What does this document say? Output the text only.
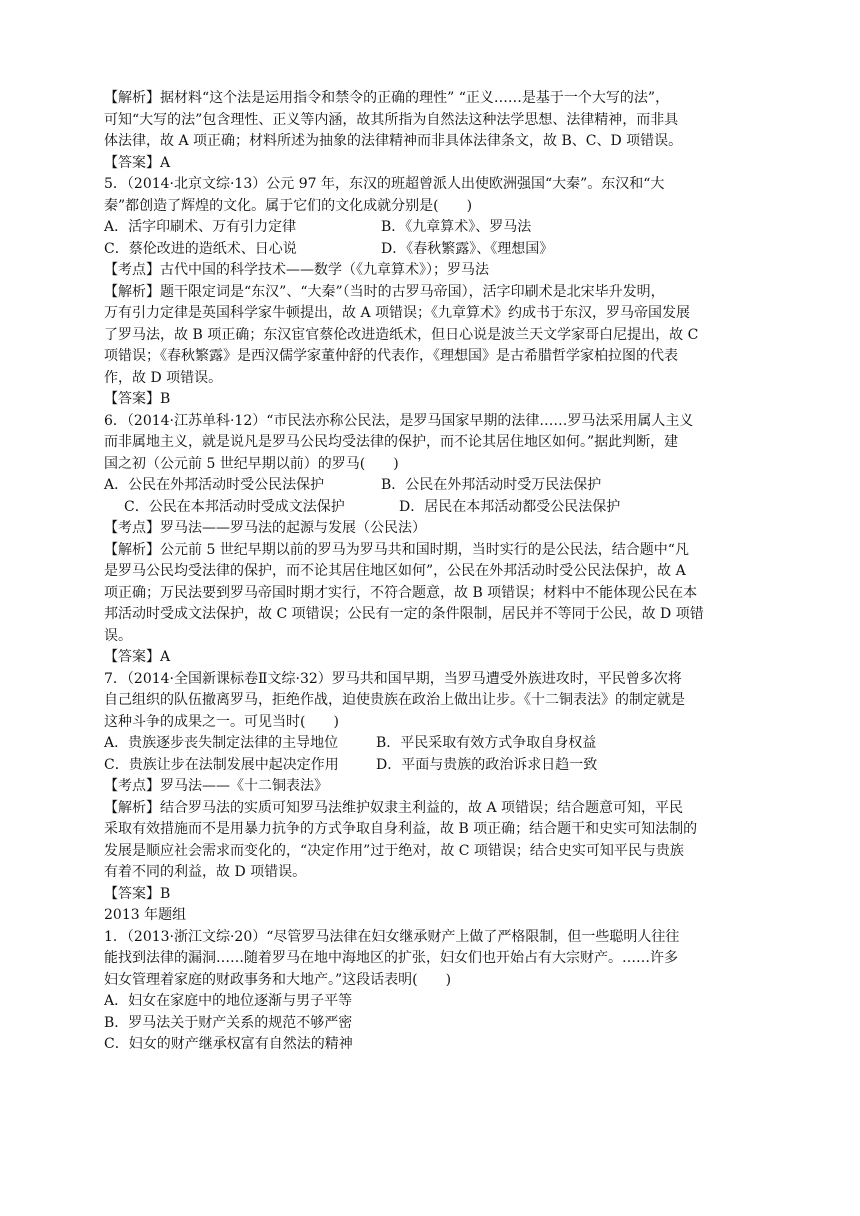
【解析】据材料“这个法是运用指令和禁令的正确的理性” “正义……是基于一个大写的法”，
可知“大写的法”包含理性、正义等内涵，故其所指为自然法这种法学思想、法律精神，而非具
体法律，故 A 项正确；材料所述为抽象的法律精神而非具体法律条文，故 B、C、D 项错误。
【答案】A
5．（2014·北京文综·13）公元 97 年，东汉的班超曾派人出使欧洲强国“大秦”。东汉和“大
秦”都创造了辉煌的文化。属于它们的文化成就分别是(　　)
A．活字印刷术、万有引力定律	B．《九章算术》、罗马法
C．蔡伦改进的造纸术、日心说	D．《春秋繁露》、《理想国》
【考点】古代中国的科学技术——数学（《九章算术》）；罗马法
【解析】题干限定词是“东汉”、“大秦”（当时的古罗马帝国），活字印刷术是北宋毕升发明，
万有引力定律是英国科学家牛顿提出，故 A 项错误；《九章算术》约成书于东汉，罗马帝国发展
了罗马法，故 B 项正确；东汉宦官蔡伦改进造纸术，但日心说是波兰天文学家哥白尼提出，故 C
项错误；《春秋繁露》是西汉儒学家董仲舒的代表作，《理想国》是古希腊哲学家柏拉图的代表
作，故 D 项错误。
【答案】B
6．（2014·江苏单科·12）“市民法亦称公民法，是罗马国家早期的法律……罗马法采用属人主义
而非属地主义，就是说凡是罗马公民均受法律的保护，而不论其居住地区如何。”据此判断，建
国之初（公元前 5 世纪早期以前）的罗马(　　)
A．公民在外邦活动时受公民法保护	B．公民在外邦活动时受万民法保护
C．公民在本邦活动时受成文法保护	D．居民在本邦活动都受公民法保护
【考点】罗马法——罗马法的起源与发展（公民法）
【解析】公元前 5 世纪早期以前的罗马为罗马共和国时期，当时实行的是公民法，结合题中“凡
是罗马公民均受法律的保护，而不论其居住地区如何”，公民在外邦活动时受公民法保护，故 A
项正确；万民法要到罗马帝国时期才实行，不符合题意，故 B 项错误；材料中不能体现公民在本
邦活动时受成文法保护，故 C 项错误；公民有一定的条件限制，居民并不等同于公民，故 D 项错
误。
【答案】A
7．（2014·全国新课标卷Ⅱ文综·32）罗马共和国早期，当罗马遭受外族进攻时，平民曾多次将
自己组织的队伍撤离罗马，拒绝作战，迫使贵族在政治上做出让步。《十二铜表法》的制定就是
这种斗争的成果之一。可见当时(　　)
A．贵族逐步丧失制定法律的主导地位	B．平民采取有效方式争取自身权益
C．贵族让步在法制发展中起决定作用	D．平面与贵族的政治诉求日趋一致
【考点】罗马法——《十二铜表法》
【解析】结合罗马法的实质可知罗马法维护奴隶主利益的，故 A 项错误；结合题意可知，平民
采取有效措施而不是用暴力抗争的方式争取自身利益，故 B 项正确；结合题干和史实可知法制的
发展是顺应社会需求而变化的，“决定作用”过于绝对，故 C 项错误；结合史实可知平民与贵族
有着不同的利益，故 D 项错误。
【答案】B
2013 年题组
1．（2013·浙江文综·20）“尽管罗马法律在妇女继承财产上做了严格限制，但一些聪明人往往
能找到法律的漏洞……随着罗马在地中海地区的扩张，妇女们也开始占有大宗财产。……许多
妇女管理着家庭的财政事务和大地产。”这段话表明(　　)
A．妇女在家庭中的地位逐渐与男子平等
B．罗马法关于财产关系的规范不够严密
C．妇女的财产继承权富有自然法的精神
